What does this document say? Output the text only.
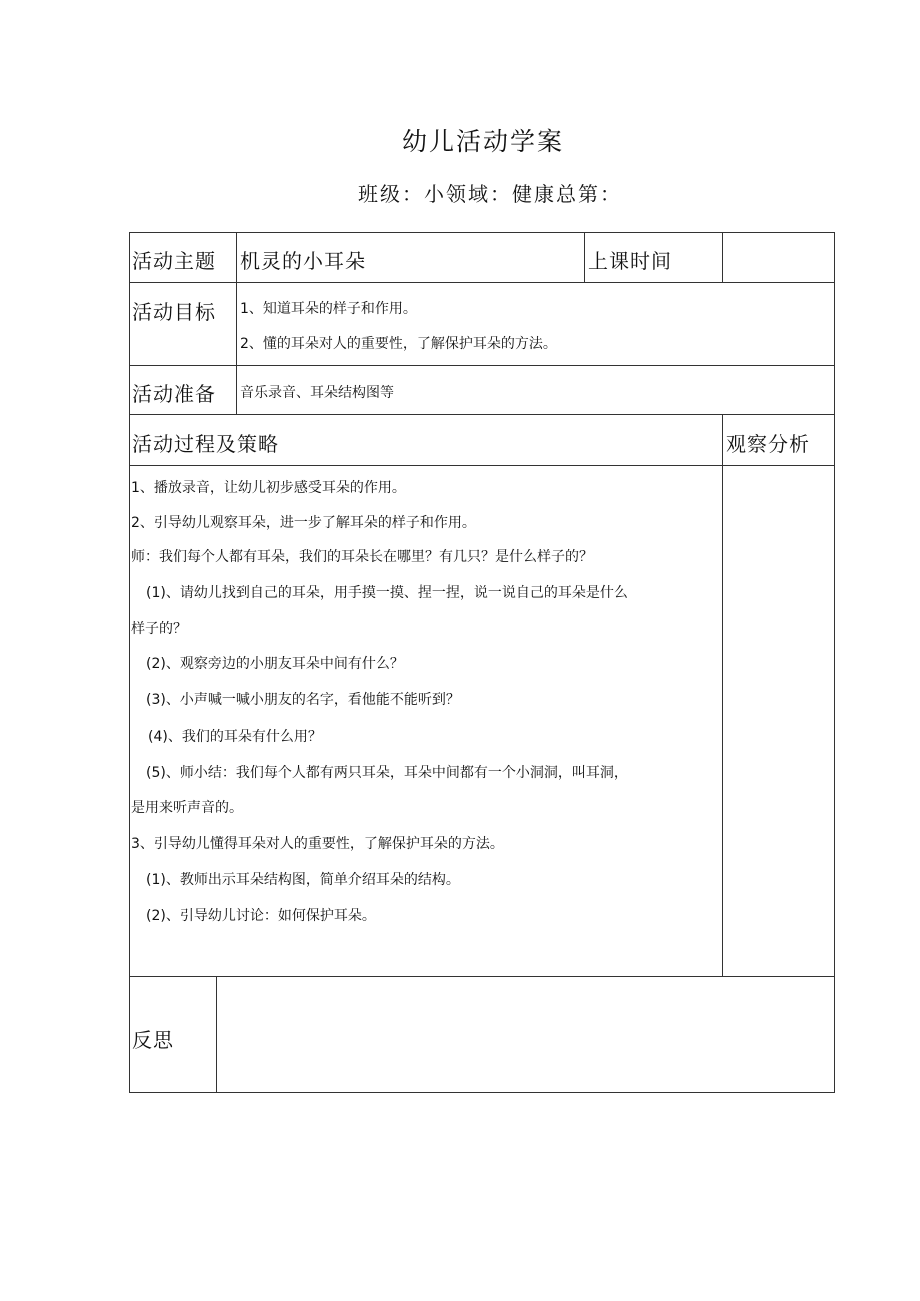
幼儿活动学案
班级：小领域：健康总第：
活动主题 机灵的小耳朵	上课时间
活动目标 1、知道耳朵的样子和作用。
2、懂的耳朵对人的重要性，了解保护耳朵的方法。
活动准备 音乐录音、耳朵结构图等
活动过程及策略	观察分析
1、播放录音，让幼儿初步感受耳朵的作用。
2、引导幼儿观察耳朵，进一步了解耳朵的样子和作用。
师：我们每个人都有耳朵，我们的耳朵长在哪里？有几只？是什么样子的？
(1)、请幼儿找到自己的耳朵，用手摸一摸、捏一捏，说一说自己的耳朵是什么
样子的？
(2)、观察旁边的小朋友耳朵中间有什么？
(3)、小声喊一喊小朋友的名字，看他能不能听到？
(4)、我们的耳朵有什么用？
(5)、师小结：我们每个人都有两只耳朵，耳朵中间都有一个小洞洞，叫耳洞，
是用来听声音的。
3、引导幼儿懂得耳朵对人的重要性，了解保护耳朵的方法。
(1)、教师出示耳朵结构图，简单介绍耳朵的结构。
(2)、引导幼儿讨论：如何保护耳朵。
反思
